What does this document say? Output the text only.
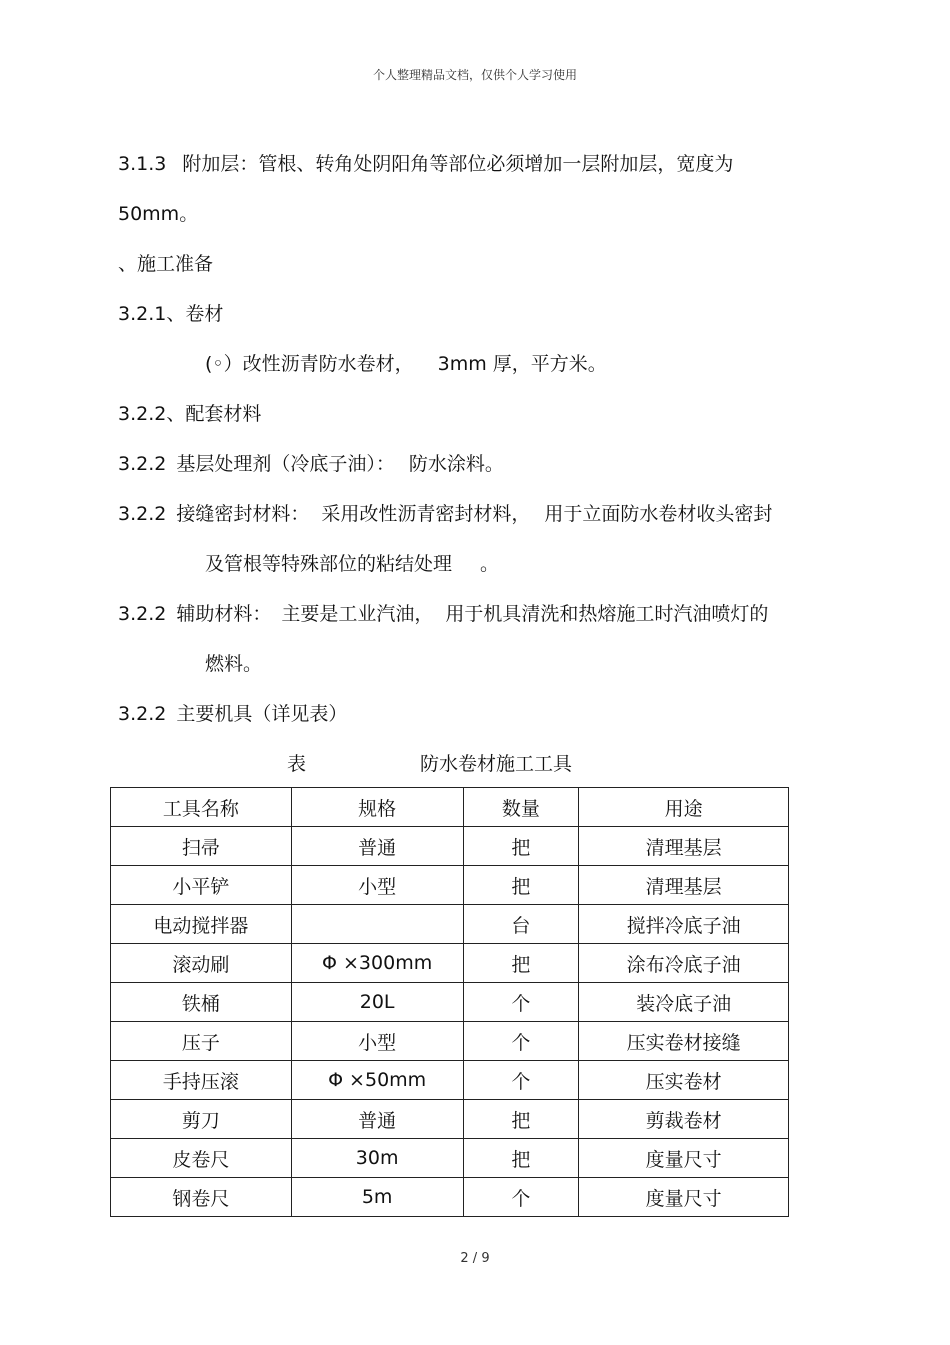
个人整理精品文档，仅供个人学习使用
3.1.3 附加层：管根、转角处阴阳角等部位必须增加一层附加层，宽度为
50mm。
、施工准备
3.2.1、卷材
(◦）改性沥青防水卷材， 3mm 厚，平方米。
3.2.2、配套材料
3.2.2 基层处理剂（冷底子油）： 防水涂料。
3.2.2 接缝密封材料： 采用改性沥青密封材料， 用于立面防水卷材收头密封
及管根等特殊部位的粘结处理 。
3.2.2 辅助材料： 主要是工业汽油， 用于机具清洗和热熔施工时汽油喷灯的
燃料。
3.2.2 主要机具（详见表）
表	防水卷材施工工具
工具名称	规格	数量	用途
扫帚	普通	把	清理基层
小平铲	小型	把	清理基层
电动搅拌器		台	搅拌冷底子油
滚动刷	Φ ×300mm	把	涂布冷底子油
铁桶	20L	个	装冷底子油
压子	小型	个	压实卷材接缝
手持压滚	Φ ×50mm	个	压实卷材
剪刀	普通	把	剪裁卷材
皮卷尺	30m	把	度量尺寸
钢卷尺	5m	个	度量尺寸
2 / 9
